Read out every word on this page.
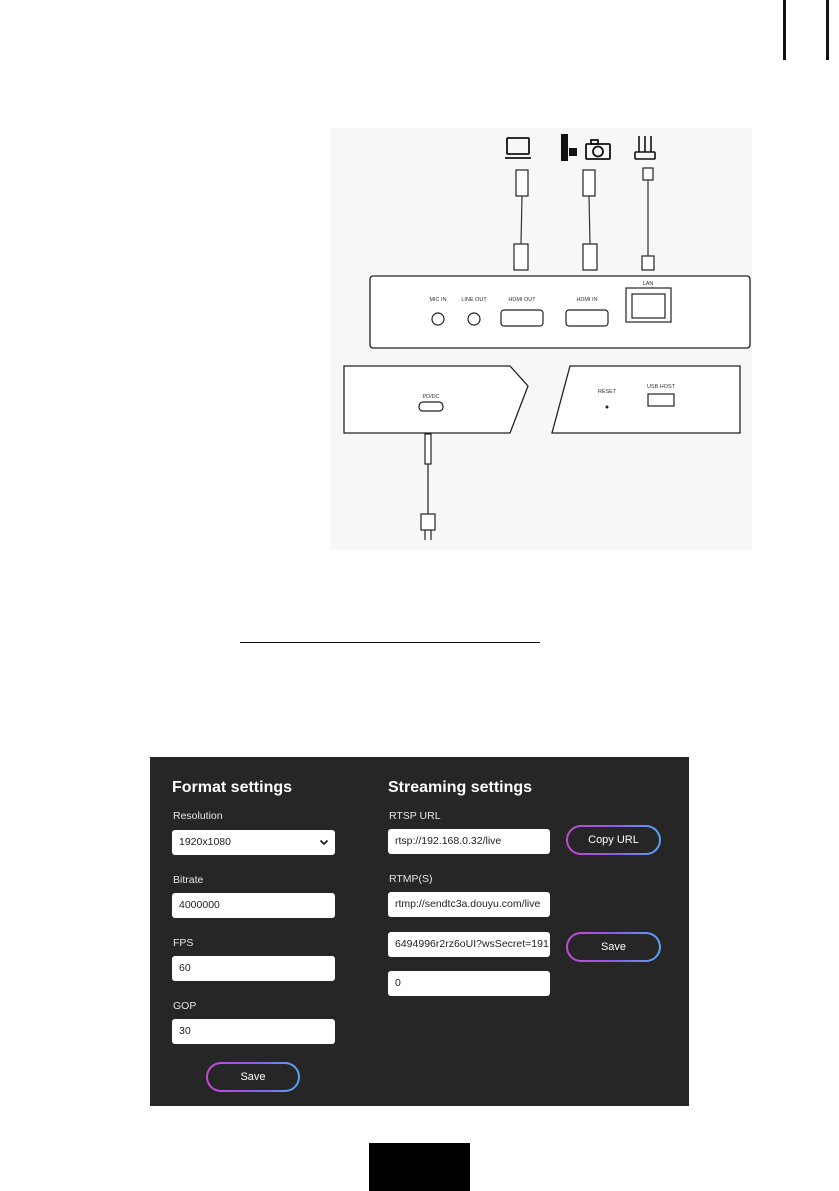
MIC IN	LINE OUT	HDMI OUT	HDMI IN
LAN
PD/DC
RESET
USB HOST
Format settings
Resolution
1920x1080
Bitrate
4000000
FPS
60
GOP
30
Save
Streaming settings
RTSP URL
rtsp://192.168.0.32/live	Copy URL
RTMP(S)
rtmp://sendtc3a.douyu.com/live
6494996r2rz6oUI?wsSecret=191
0
Save
